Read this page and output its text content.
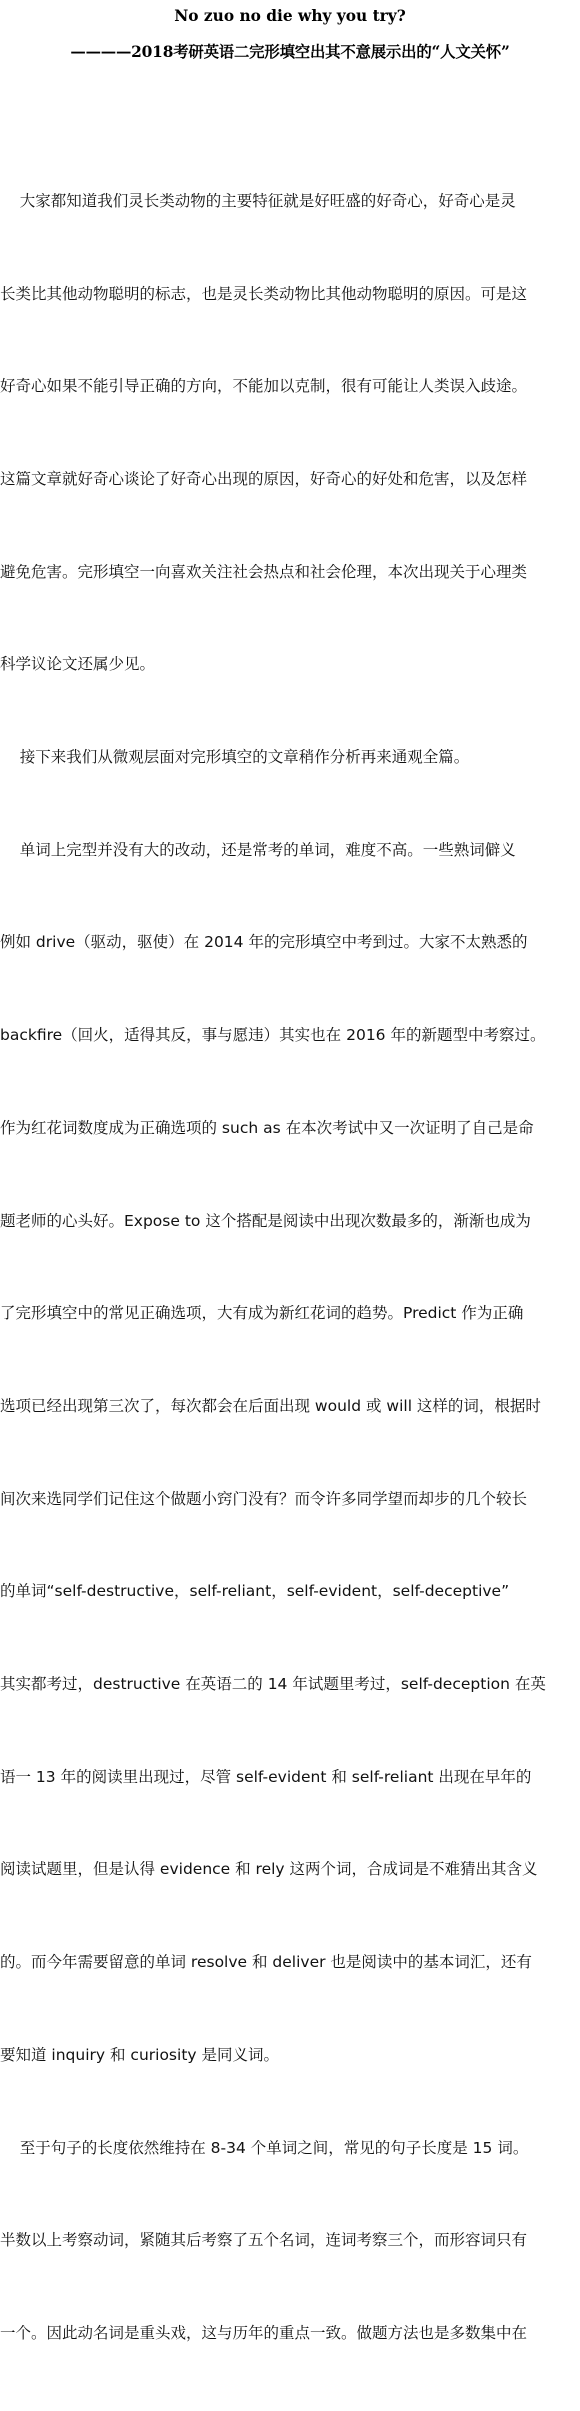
No zuo no die why you try?
————2018考研英语二完形填空出其不意展示出的“人文关怀”

大家都知道我们灵长类动物的主要特征就是好旺盛的好奇心，好奇心是灵

长类比其他动物聪明的标志，也是灵长类动物比其他动物聪明的原因。可是这

好奇心如果不能引导正确的方向，不能加以克制，很有可能让人类误入歧途。

这篇文章就好奇心谈论了好奇心出现的原因，好奇心的好处和危害，以及怎样

避免危害。完形填空一向喜欢关注社会热点和社会伦理，本次出现关于心理类

科学议论文还属少见。

接下来我们从微观层面对完形填空的文章稍作分析再来通观全篇。

单词上完型并没有大的改动，还是常考的单词，难度不高。一些熟词僻义

例如 drive（驱动，驱使）在 2014 年的完形填空中考到过。大家不太熟悉的

backfire（回火，适得其反，事与愿违）其实也在 2016 年的新题型中考察过。

作为红花词数度成为正确选项的 such as 在本次考试中又一次证明了自己是命

题老师的心头好。Expose to 这个搭配是阅读中出现次数最多的，渐渐也成为

了完形填空中的常见正确选项，大有成为新红花词的趋势。Predict 作为正确

选项已经出现第三次了，每次都会在后面出现 would 或 will 这样的词，根据时

间次来选同学们记住这个做题小窍门没有？而令许多同学望而却步的几个较长

的单词“self-destructive，self-reliant，self-evident，self-deceptive”

其实都考过，destructive 在英语二的 14 年试题里考过，self-deception 在英

语一 13 年的阅读里出现过，尽管 self-evident 和 self-reliant 出现在早年的

阅读试题里，但是认得 evidence 和 rely 这两个词，合成词是不难猜出其含义

的。而今年需要留意的单词 resolve 和 deliver 也是阅读中的基本词汇，还有

要知道 inquiry 和 curiosity 是同义词。

至于句子的长度依然维持在 8-34 个单词之间，常见的句子长度是 15 词。

半数以上考察动词，紧随其后考察了五个名词，连词考察三个，而形容词只有

一个。因此动名词是重头戏，这与历年的重点一致。做题方法也是多数集中在
